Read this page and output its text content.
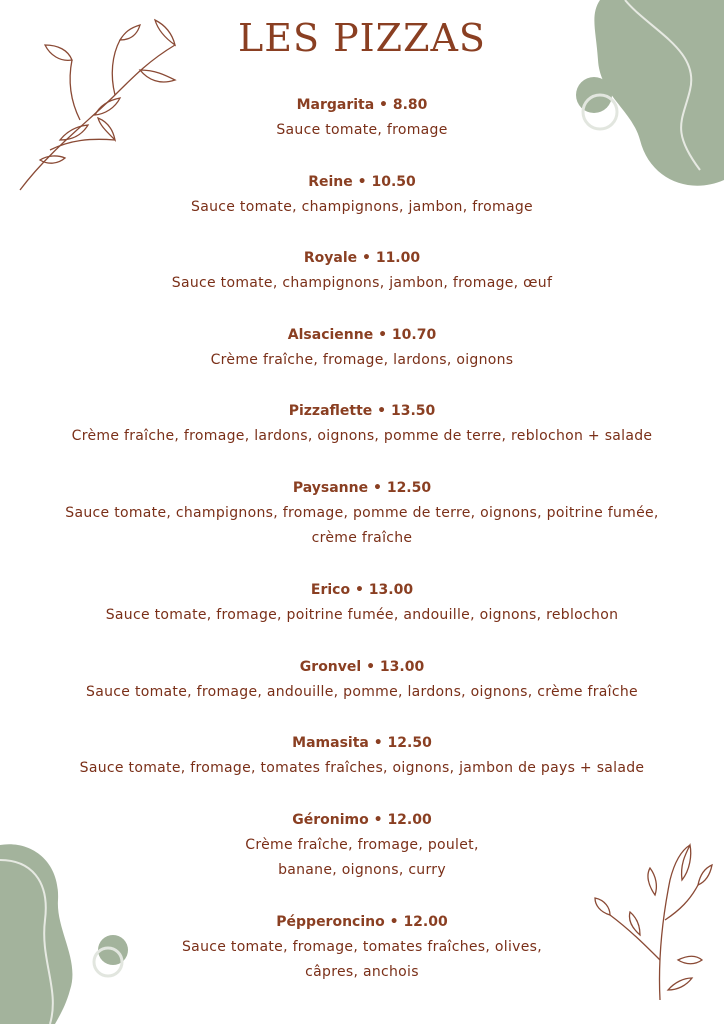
LES PIZZAS
Margarita • 8.80
Sauce tomate, fromage
Reine • 10.50
Sauce tomate, champignons, jambon, fromage
Royale • 11.00
Sauce tomate, champignons, jambon, fromage, œuf
Alsacienne • 10.70
Crème fraîche, fromage, lardons, oignons
Pizzaflette • 13.50
Crème fraîche, fromage, lardons, oignons, pomme de terre, reblochon + salade
Paysanne • 12.50
Sauce tomate, champignons, fromage, pomme de terre, oignons, poitrine fumée,
crème fraîche
Erico • 13.00
Sauce tomate, fromage, poitrine fumée, andouille, oignons, reblochon
Gronvel • 13.00
Sauce tomate, fromage, andouille, pomme, lardons, oignons, crème fraîche
Mamasita • 12.50
Sauce tomate, fromage, tomates fraîches, oignons, jambon de pays + salade
Géronimo • 12.00
Crème fraîche, fromage, poulet,
banane, oignons, curry
Pépperoncino • 12.00
Sauce tomate, fromage, tomates fraîches, olives,
câpres, anchois
